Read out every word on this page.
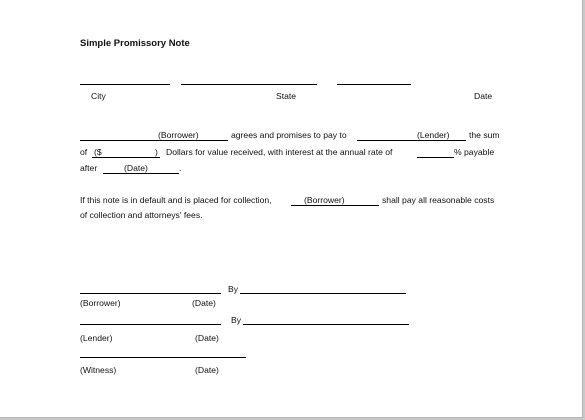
Simple Promissory Note
City	State	Date
(Borrower)	agrees and promises to pay to	(Lender) the sum
of ($	) Dollars for value received, with interest at the annual rate of	% payable
after	(Date)	.
If this note is in default and is placed for collection,	(Borrower)	shall pay all reasonable costs
of collection and attorneys' fees.
By
(Borrower)	(Date)
By
(Lender)	(Date)
(Witness)	(Date)
